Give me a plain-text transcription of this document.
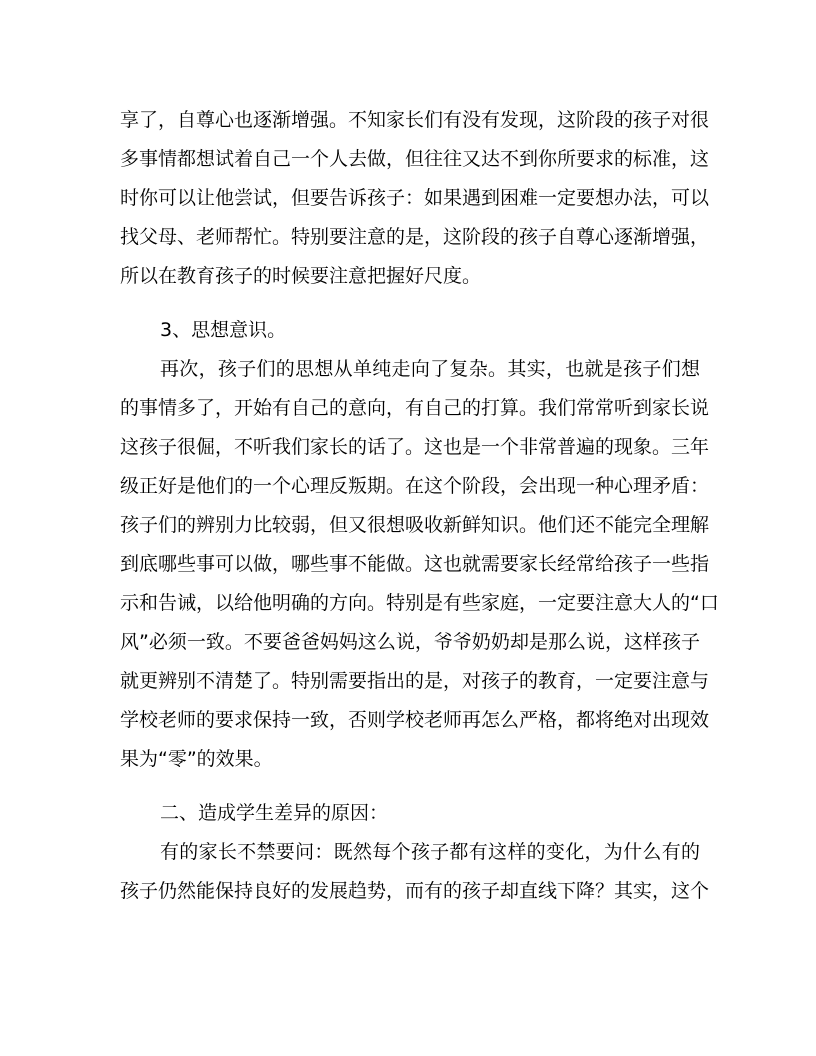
享了，自尊心也逐渐增强。不知家长们有没有发现，这阶段的孩子对很
多事情都想试着自己一个人去做，但往往又达不到你所要求的标准，这
时你可以让他尝试，但要告诉孩子：如果遇到困难一定要想办法，可以
找父母、老师帮忙。特别要注意的是，这阶段的孩子自尊心逐渐增强，
所以在教育孩子的时候要注意把握好尺度。
3、思想意识。
再次，孩子们的思想从单纯走向了复杂。其实，也就是孩子们想
的事情多了，开始有自己的意向，有自己的打算。我们常常听到家长说
这孩子很倔，不听我们家长的话了。这也是一个非常普遍的现象。三年
级正好是他们的一个心理反叛期。在这个阶段，会出现一种心理矛盾：
孩子们的辨别力比较弱，但又很想吸收新鲜知识。他们还不能完全理解
到底哪些事可以做，哪些事不能做。这也就需要家长经常给孩子一些指
示和告诫，以给他明确的方向。特别是有些家庭，一定要注意大人的“口
风”必须一致。不要爸爸妈妈这么说，爷爷奶奶却是那么说，这样孩子
就更辨别不清楚了。特别需要指出的是，对孩子的教育，一定要注意与
学校老师的要求保持一致，否则学校老师再怎么严格，都将绝对出现效
果为“零”的效果。
二、造成学生差异的原因：
有的家长不禁要问：既然每个孩子都有这样的变化，为什么有的
孩子仍然能保持良好的发展趋势，而有的孩子却直线下降？其实，这个
